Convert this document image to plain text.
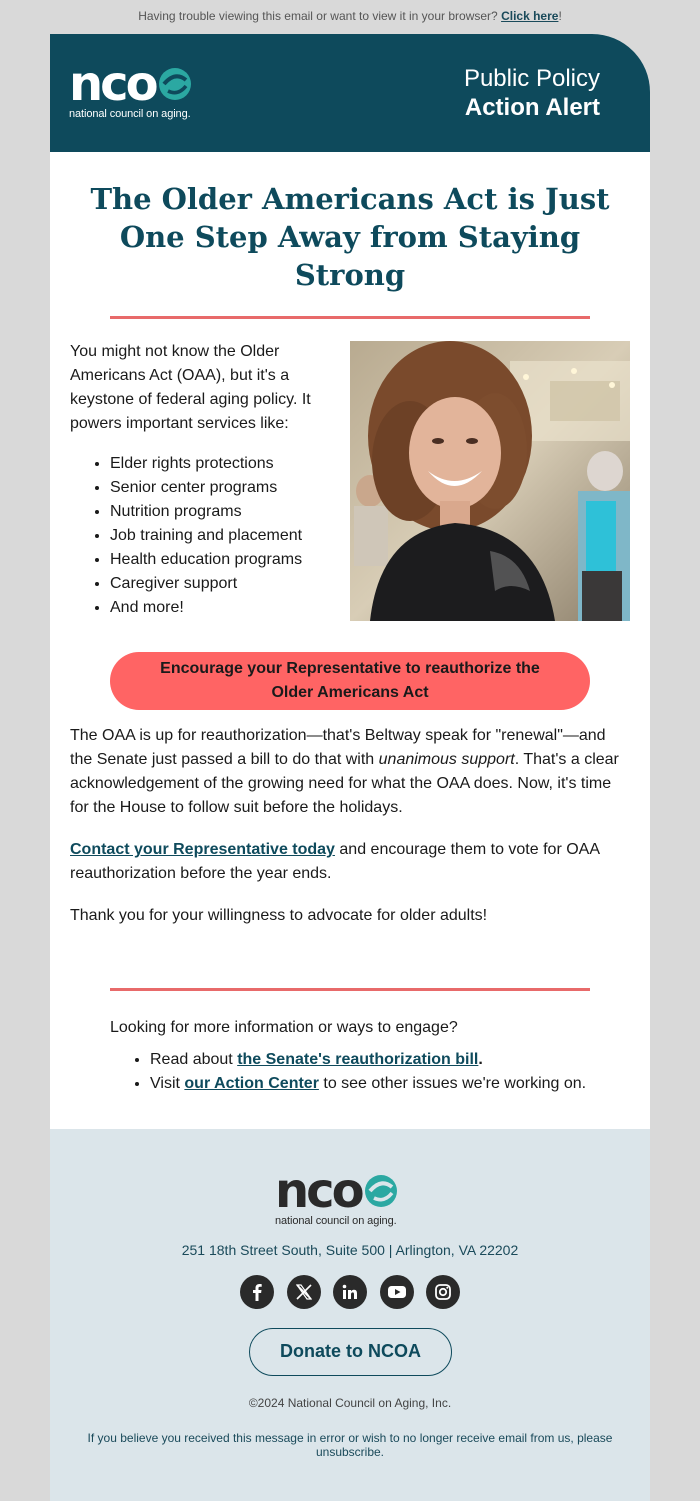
Having trouble viewing this email or want to view it in your browser? Click here!
nco
national council on aging.
Public Policy
Action Alert
The Older Americans Act is Just One Step Away from Staying Strong

You might not know the Older Americans Act (OAA), but it's a keystone of federal aging policy. It powers important services like:

• Elder rights protections
• Senior center programs
• Nutrition programs
• Job training and placement
• Health education programs
• Caregiver support
• And more!
Encourage your Representative to reauthorize the
Older Americans Act

The OAA is up for reauthorization—that's Beltway speak for "renewal"—and the Senate just passed a bill to do that with unanimous support. That's a clear acknowledgement of the growing need for what the OAA does. Now, it's time for the House to follow suit before the holidays.

Contact your Representative today and encourage them to vote for OAA reauthorization before the year ends.

Thank you for your willingness to advocate for older adults!

Looking for more information or ways to engage?

• Read about the Senate's reauthorization bill.
• Visit our Action Center to see other issues we're working on.
nco
national council on aging.
251 18th Street South, Suite 500 | Arlington, VA 22202
Donate to NCOA
©2024 National Council on Aging, Inc.
If you believe you received this message in error or wish to no longer receive email from us, please unsubscribe.
